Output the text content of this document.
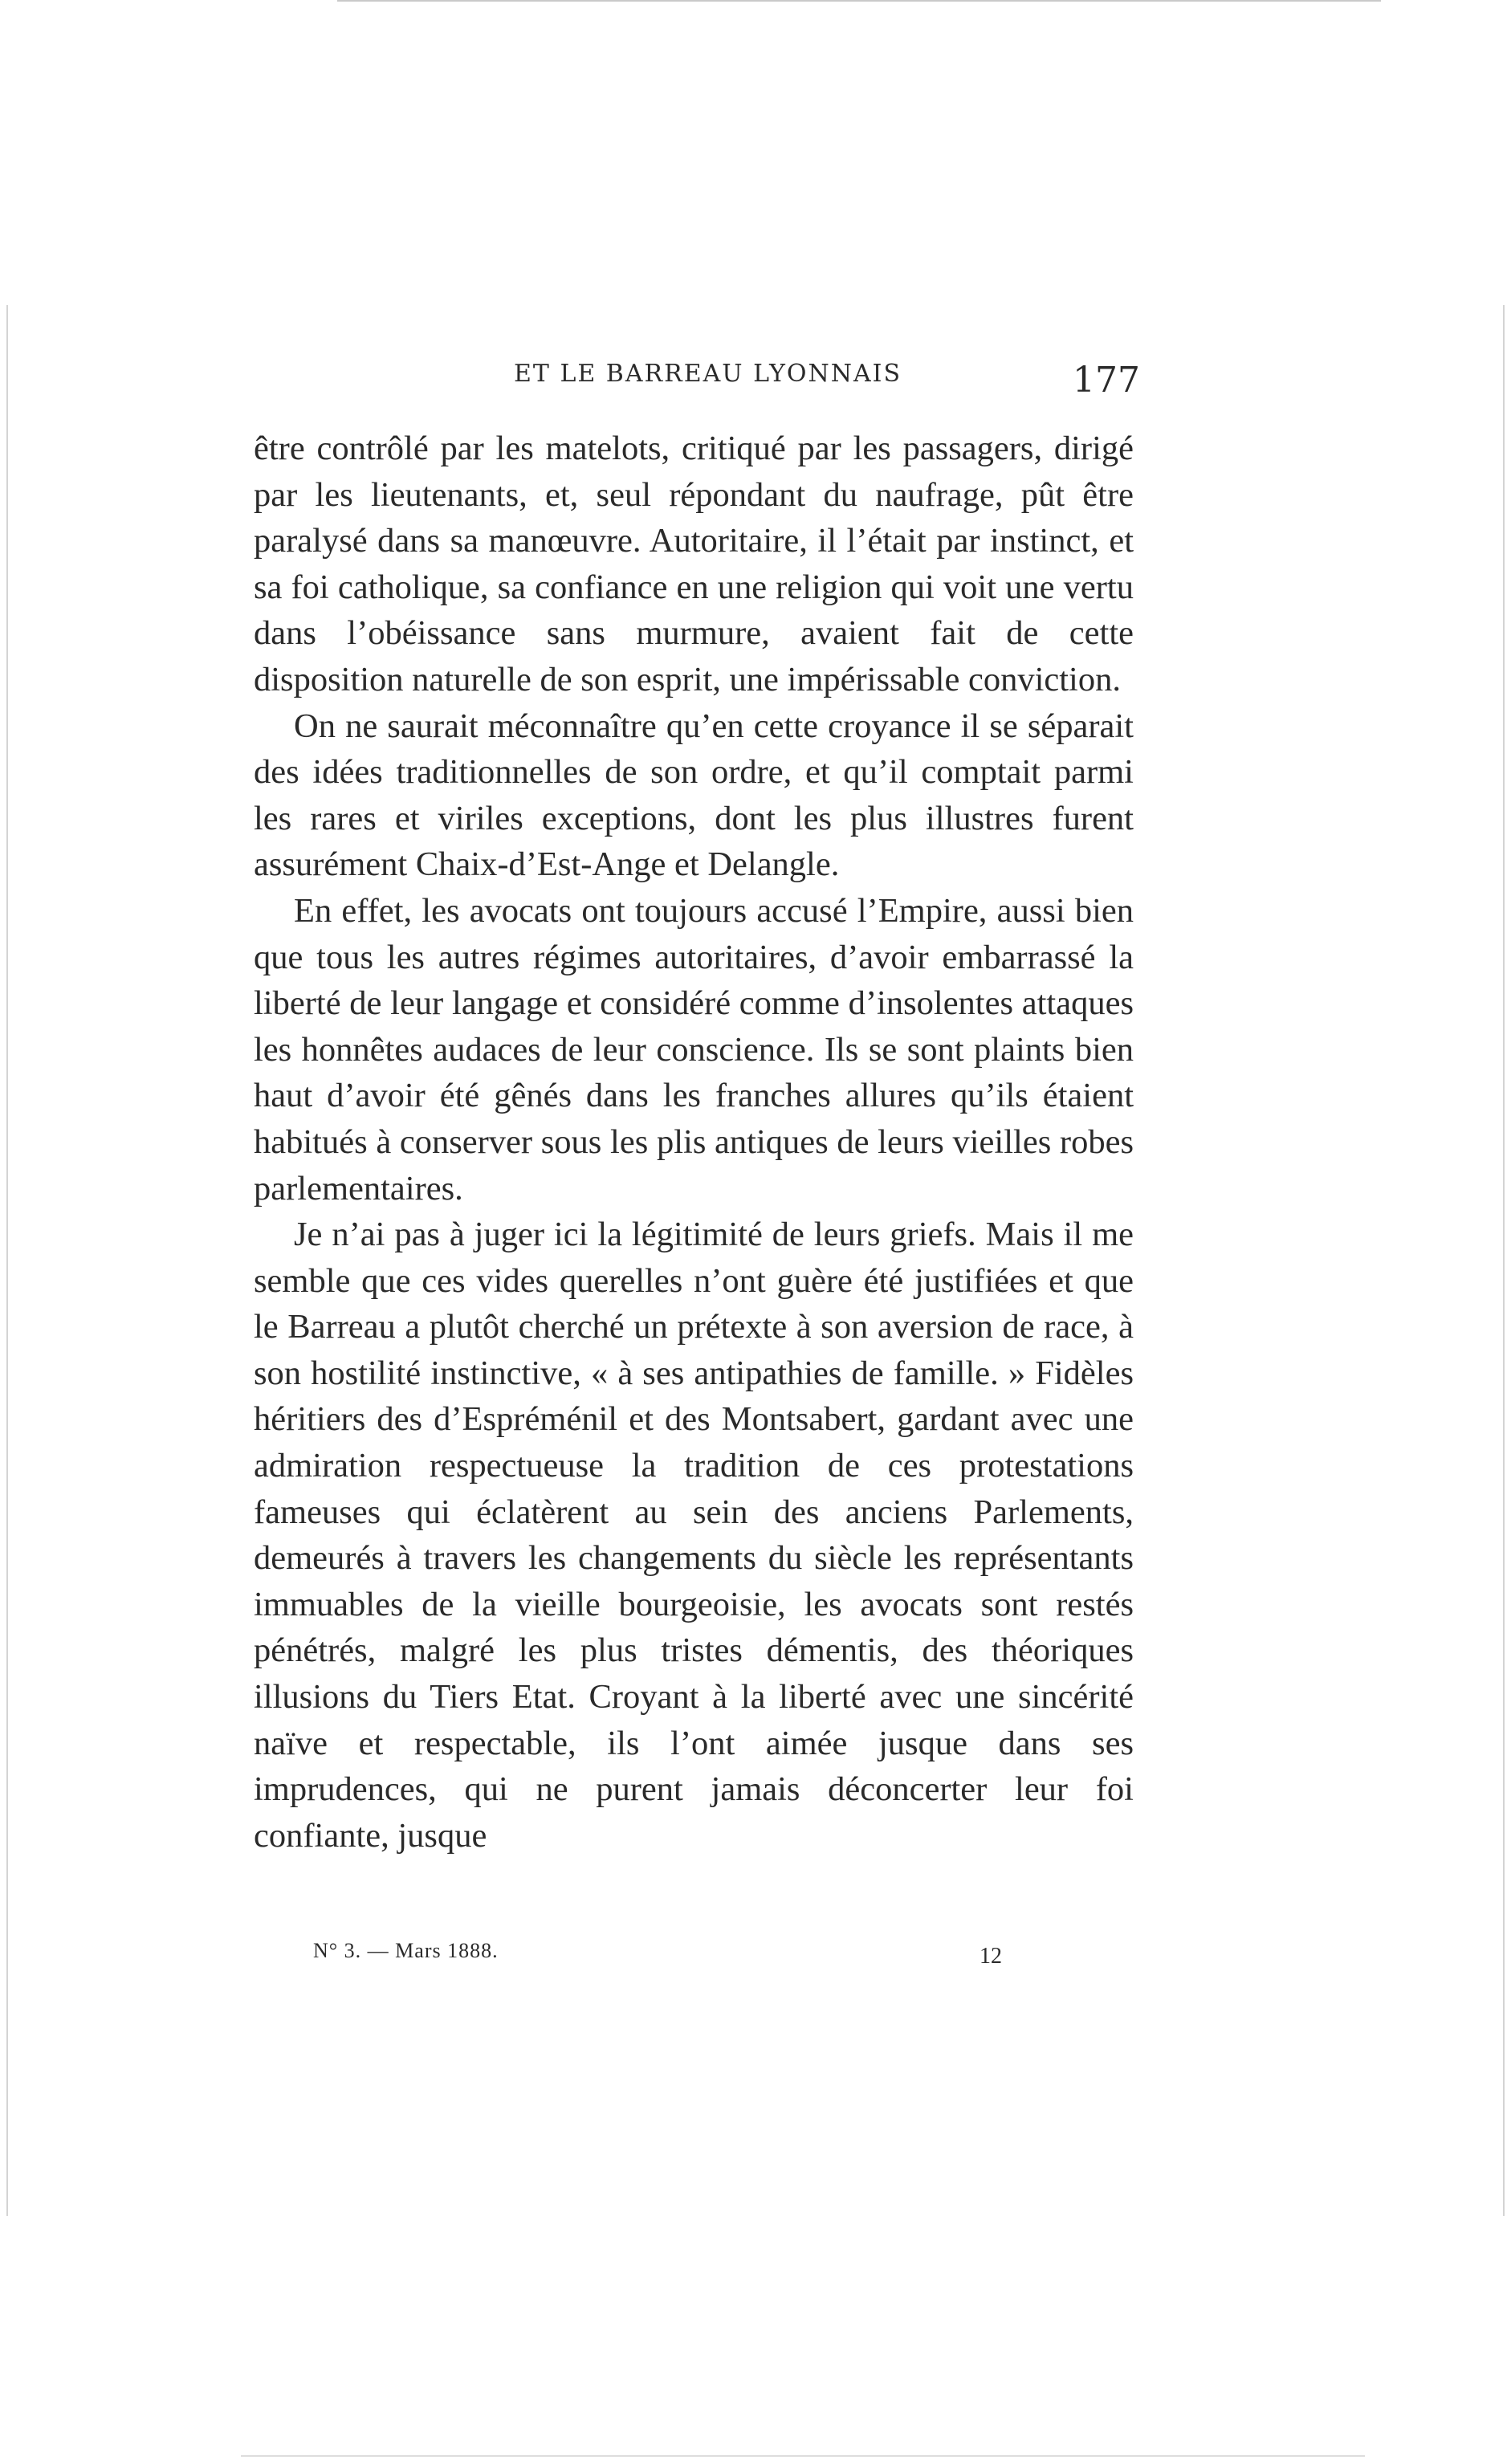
ET LE BARREAU LYONNAIS	177

être contrôlé par les matelots, critiqué par les passagers, dirigé par les lieutenants, et, seul répondant du naufrage, pût être paralysé dans sa manœuvre. Autoritaire, il l’était par instinct, et sa foi catholique, sa confiance en une religion qui voit une vertu dans l’obéissance sans murmure, avaient fait de cette disposition naturelle de son esprit, une impérissable conviction.

On ne saurait méconnaître qu’en cette croyance il se séparait des idées traditionnelles de son ordre, et qu’il comptait parmi les rares et viriles exceptions, dont les plus illustres furent assurément Chaix-d’Est-Ange et Delangle.

En effet, les avocats ont toujours accusé l’Empire, aussi bien que tous les autres régimes autoritaires, d’avoir embarrassé la liberté de leur langage et considéré comme d’insolentes attaques les honnêtes audaces de leur conscience. Ils se sont plaints bien haut d’avoir été gênés dans les franches allures qu’ils étaient habitués à conserver sous les plis antiques de leurs vieilles robes parlementaires.

Je n’ai pas à juger ici la légitimité de leurs griefs. Mais il me semble que ces vides querelles n’ont guère été justifiées et que le Barreau a plutôt cherché un prétexte à son aversion de race, à son hostilité instinctive, « à ses antipathies de famille. » Fidèles héritiers des d’Espréménil et des Montsabert, gardant avec une admiration respectueuse la tradition de ces protestations fameuses qui éclatèrent au sein des anciens Parlements, demeurés à travers les changements du siècle les représentants immuables de la vieille bourgeoisie, les avocats sont restés pénétrés, malgré les plus tristes démentis, des théoriques illusions du Tiers Etat. Croyant à la liberté avec une sincérité naïve et respectable, ils l’ont aimée jusque dans ses imprudences, qui ne purent jamais déconcerter leur foi confiante, jusque

N° 3. — Mars 1888.	12
